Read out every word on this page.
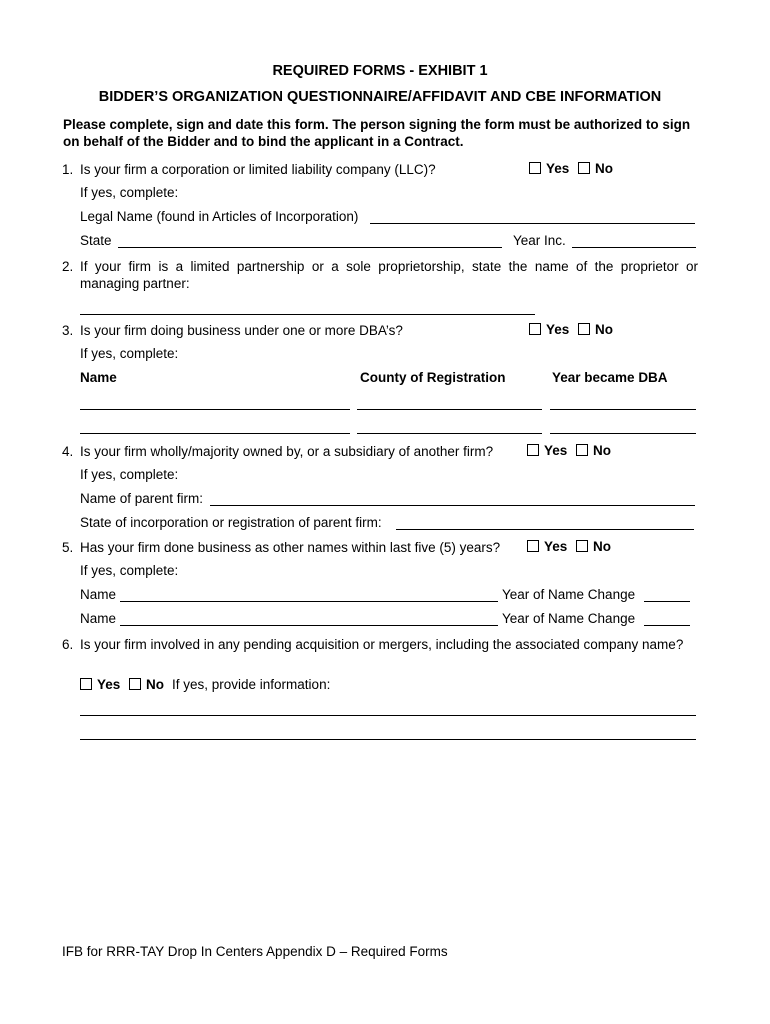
REQUIRED FORMS - EXHIBIT 1
BIDDER’S ORGANIZATION QUESTIONNAIRE/AFFIDAVIT AND CBE INFORMATION
Please complete, sign and date this form. The person signing the form must be authorized to sign on behalf of the Bidder and to bind the applicant in a Contract.
1. Is your firm a corporation or limited liability company (LLC)?	Yes No
If yes, complete:
Legal Name (found in Articles of Incorporation)
State	Year Inc.
2. If your firm is a limited partnership or a sole proprietorship, state the name of the proprietor or managing partner:
3. Is your firm doing business under one or more DBA’s?	Yes No
If yes, complete:
Name	County of Registration	Year became DBA
4. Is your firm wholly/majority owned by, or a subsidiary of another firm?	Yes No
If yes, complete:
Name of parent firm:
State of incorporation or registration of parent firm:
5. Has your firm done business as other names within last five (5) years?	Yes No
If yes, complete:
Name	Year of Name Change
Name	Year of Name Change
6. Is your firm involved in any pending acquisition or mergers, including the associated company name?
Yes No If yes, provide information:
IFB for RRR-TAY Drop In Centers Appendix D – Required Forms
